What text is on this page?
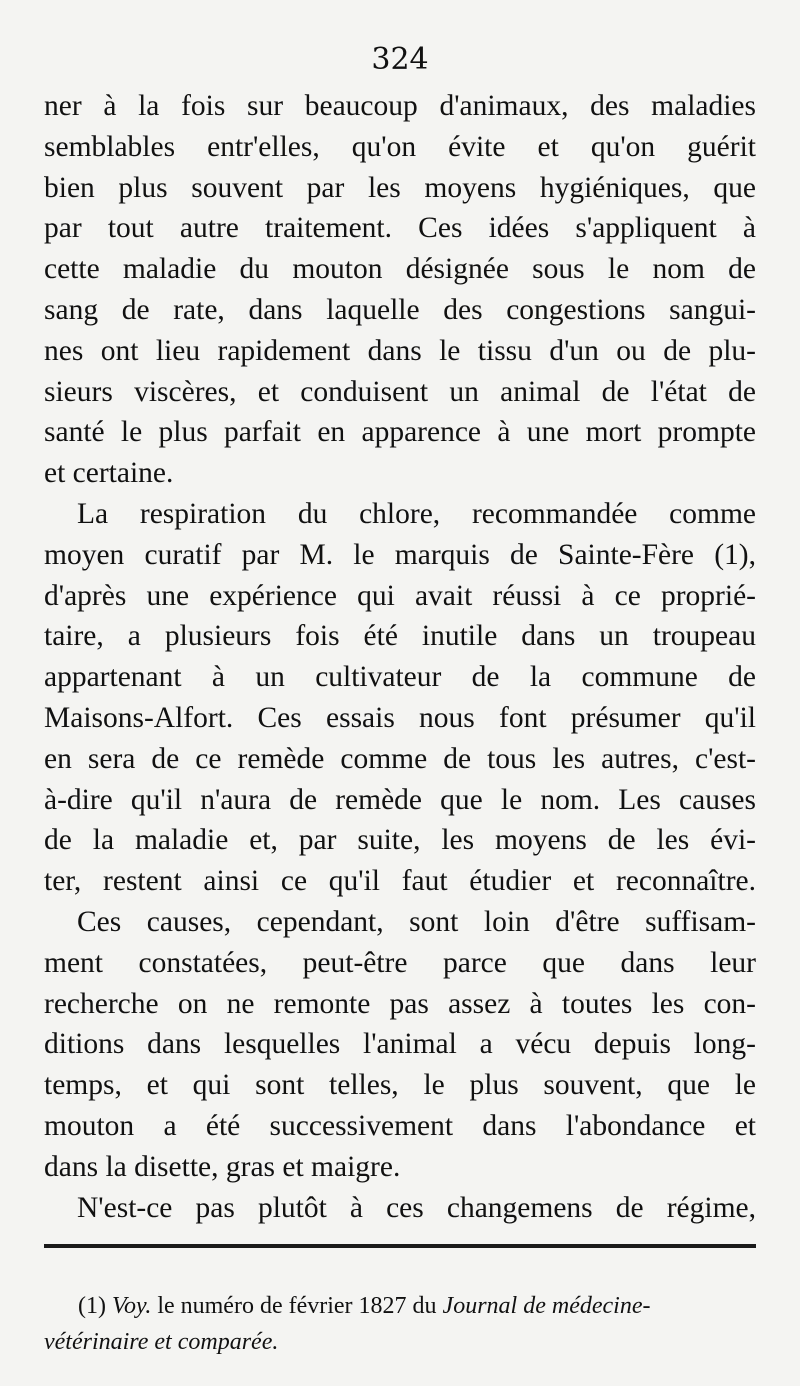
324
ner à la fois sur beaucoup d'animaux, des maladies
semblables entr'elles, qu'on évite et qu'on guérit
bien plus souvent par les moyens hygiéniques, que
par tout autre traitement. Ces idées s'appliquent à
cette maladie du mouton désignée sous le nom de
sang de rate, dans laquelle des congestions sangui-
nes ont lieu rapidement dans le tissu d'un ou de plu-
sieurs viscères, et conduisent un animal de l'état de
santé le plus parfait en apparence à une mort prompte
et certaine.
La respiration du chlore, recommandée comme
moyen curatif par M. le marquis de Sainte-Fère (1),
d'après une expérience qui avait réussi à ce proprié-
taire, a plusieurs fois été inutile dans un troupeau
appartenant à un cultivateur de la commune de
Maisons-Alfort. Ces essais nous font présumer qu'il
en sera de ce remède comme de tous les autres, c'est-
à-dire qu'il n'aura de remède que le nom. Les causes
de la maladie et, par suite, les moyens de les évi-
ter, restent ainsi ce qu'il faut étudier et reconnaître.
Ces causes, cependant, sont loin d'être suffisam-
ment constatées, peut-être parce que dans leur
recherche on ne remonte pas assez à toutes les con-
ditions dans lesquelles l'animal a vécu depuis long-
temps, et qui sont telles, le plus souvent, que le
mouton a été successivement dans l'abondance et
dans la disette, gras et maigre.
N'est-ce pas plutôt à ces changemens de régime,
(1) Voy. le numéro de février 1827 du Journal de médecine-
vétérinaire et comparée.
